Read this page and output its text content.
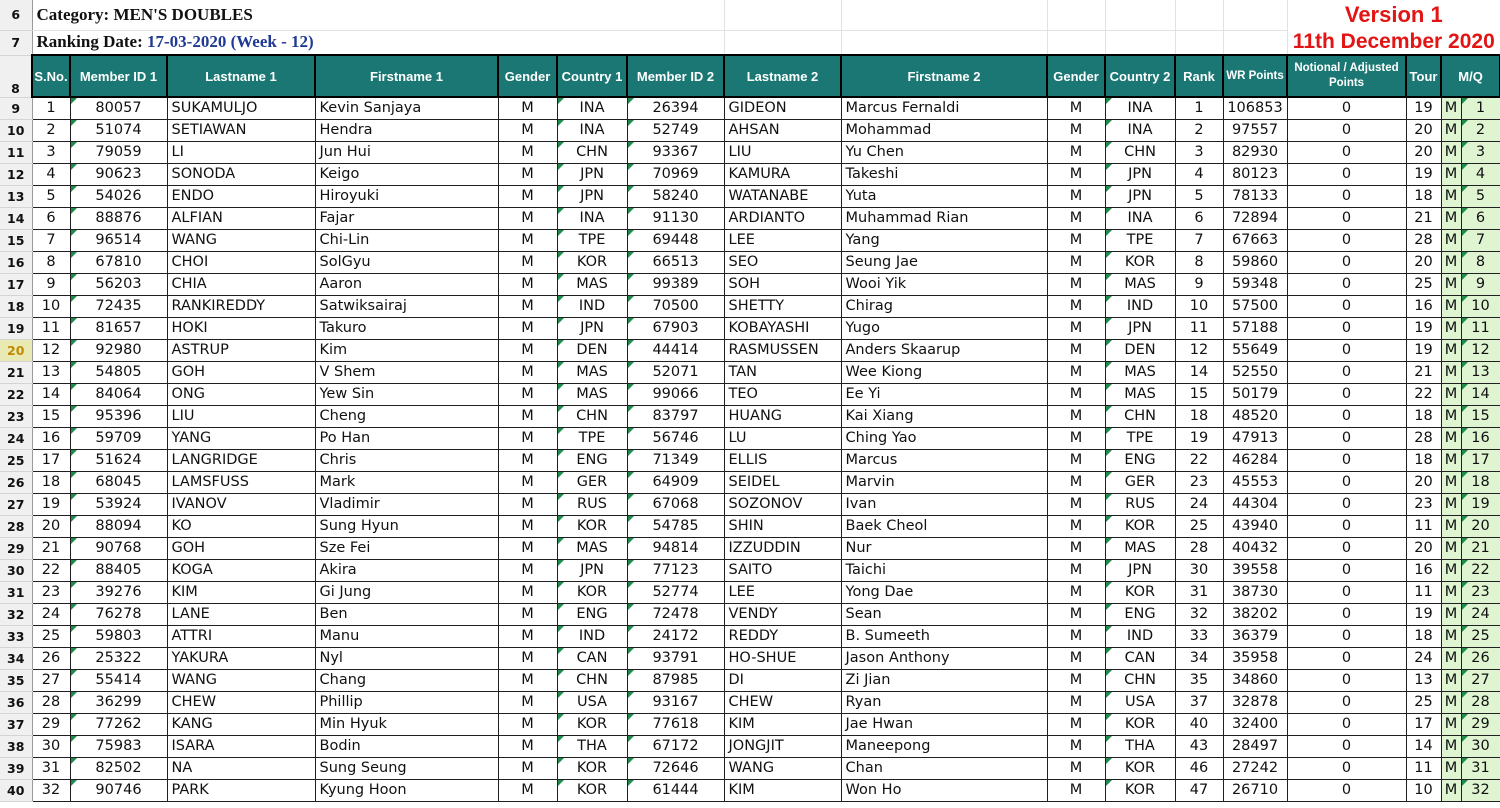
6	Category: MEN'S DOUBLES													Version 1			
7	Ranking Date: 17-03-2020 (Week - 12)													11th December 2020			
8	S.No.	Member ID 1	Lastname 1	Firstname 1	Gender	Country 1	Member ID 2	Lastname 2	Firstname 2	Gender	Country 2	Rank	WR Points	Notional / Adjusted Points	Tour	M/Q	
9	1	80057	SUKAMULJO	Kevin Sanjaya	M	INA	26394	GIDEON	Marcus Fernaldi	M	INA	1	106853	0	19	M	1
10	2	51074	SETIAWAN	Hendra	M	INA	52749	AHSAN	Mohammad	M	INA	2	97557	0	20	M	2
11	3	79059	LI	Jun Hui	M	CHN	93367	LIU	Yu Chen	M	CHN	3	82930	0	20	M	3
12	4	90623	SONODA	Keigo	M	JPN	70969	KAMURA	Takeshi	M	JPN	4	80123	0	19	M	4
13	5	54026	ENDO	Hiroyuki	M	JPN	58240	WATANABE	Yuta	M	JPN	5	78133	0	18	M	5
14	6	88876	ALFIAN	Fajar	M	INA	91130	ARDIANTO	Muhammad Rian	M	INA	6	72894	0	21	M	6
15	7	96514	WANG	Chi-Lin	M	TPE	69448	LEE	Yang	M	TPE	7	67663	0	28	M	7
16	8	67810	CHOI	SolGyu	M	KOR	66513	SEO	Seung Jae	M	KOR	8	59860	0	20	M	8
17	9	56203	CHIA	Aaron	M	MAS	99389	SOH	Wooi Yik	M	MAS	9	59348	0	25	M	9
18	10	72435	RANKIREDDY	Satwiksairaj	M	IND	70500	SHETTY	Chirag	M	IND	10	57500	0	16	M	10
19	11	81657	HOKI	Takuro	M	JPN	67903	KOBAYASHI	Yugo	M	JPN	11	57188	0	19	M	11
20	12	92980	ASTRUP	Kim	M	DEN	44414	RASMUSSEN	Anders Skaarup	M	DEN	12	55649	0	19	M	12
21	13	54805	GOH	V Shem	M	MAS	52071	TAN	Wee Kiong	M	MAS	14	52550	0	21	M	13
22	14	84064	ONG	Yew Sin	M	MAS	99066	TEO	Ee Yi	M	MAS	15	50179	0	22	M	14
23	15	95396	LIU	Cheng	M	CHN	83797	HUANG	Kai Xiang	M	CHN	18	48520	0	18	M	15
24	16	59709	YANG	Po Han	M	TPE	56746	LU	Ching Yao	M	TPE	19	47913	0	28	M	16
25	17	51624	LANGRIDGE	Chris	M	ENG	71349	ELLIS	Marcus	M	ENG	22	46284	0	18	M	17
26	18	68045	LAMSFUSS	Mark	M	GER	64909	SEIDEL	Marvin	M	GER	23	45553	0	20	M	18
27	19	53924	IVANOV	Vladimir	M	RUS	67068	SOZONOV	Ivan	M	RUS	24	44304	0	23	M	19
28	20	88094	KO	Sung Hyun	M	KOR	54785	SHIN	Baek Cheol	M	KOR	25	43940	0	11	M	20
29	21	90768	GOH	Sze Fei	M	MAS	94814	IZZUDDIN	Nur	M	MAS	28	40432	0	20	M	21
30	22	88405	KOGA	Akira	M	JPN	77123	SAITO	Taichi	M	JPN	30	39558	0	16	M	22
31	23	39276	KIM	Gi Jung	M	KOR	52774	LEE	Yong Dae	M	KOR	31	38730	0	11	M	23
32	24	76278	LANE	Ben	M	ENG	72478	VENDY	Sean	M	ENG	32	38202	0	19	M	24
33	25	59803	ATTRI	Manu	M	IND	24172	REDDY	B. Sumeeth	M	IND	33	36379	0	18	M	25
34	26	25322	YAKURA	Nyl	M	CAN	93791	HO-SHUE	Jason Anthony	M	CAN	34	35958	0	24	M	26
35	27	55414	WANG	Chang	M	CHN	87985	DI	Zi Jian	M	CHN	35	34860	0	13	M	27
36	28	36299	CHEW	Phillip	M	USA	93167	CHEW	Ryan	M	USA	37	32878	0	25	M	28
37	29	77262	KANG	Min Hyuk	M	KOR	77618	KIM	Jae Hwan	M	KOR	40	32400	0	17	M	29
38	30	75983	ISARA	Bodin	M	THA	67172	JONGJIT	Maneepong	M	THA	43	28497	0	14	M	30
39	31	82502	NA	Sung Seung	M	KOR	72646	WANG	Chan	M	KOR	46	27242	0	11	M	31
40	32	90746	PARK	Kyung Hoon	M	KOR	61444	KIM	Won Ho	M	KOR	47	26710	0	10	M	32
